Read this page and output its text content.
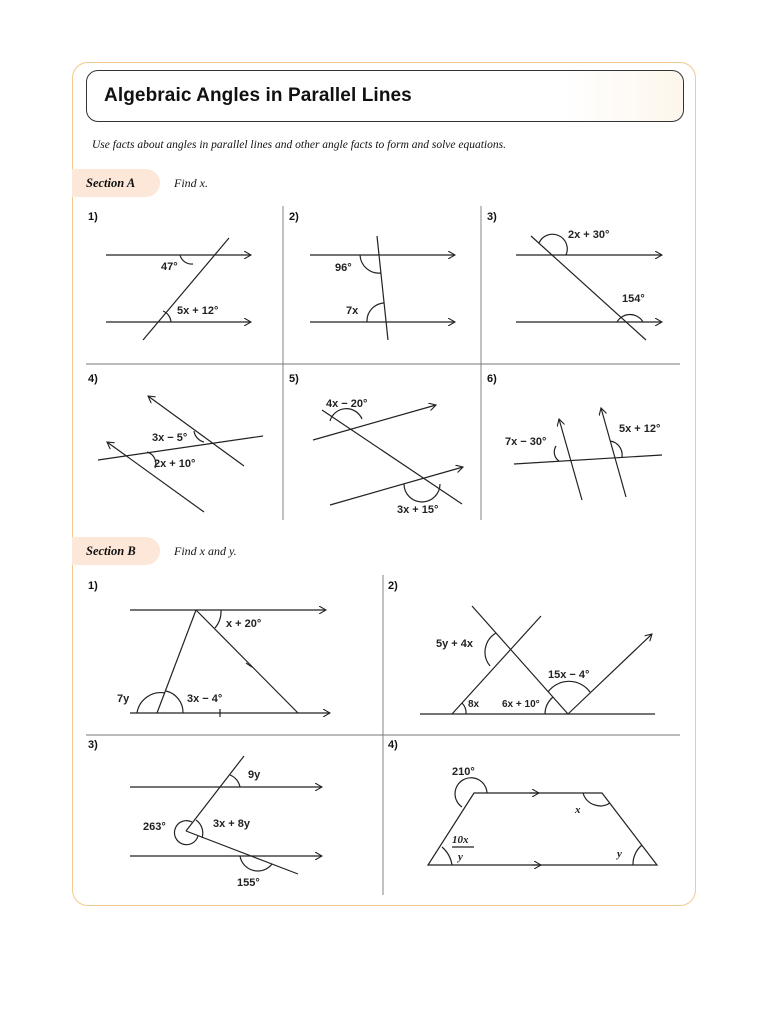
Algebraic Angles in Parallel Lines
Use facts about angles in parallel lines and other angle facts to form and solve equations.
Section A	Find x.
Section B	Find x and y.
1)	2)	3)
4)	5)	6)
1)	2)
3)	4)
47°
5x + 12°
96°
7x
2x + 30°
154°
3x − 5°
2x + 10°
4x − 20°
3x + 15°
7x − 30°
5x + 12°
x + 20°
7y	3x − 4°
5y + 4x
15x − 4°
8x 6x + 10°
9y
263°	3x + 8y
155°
210°
x
10x
y	y
